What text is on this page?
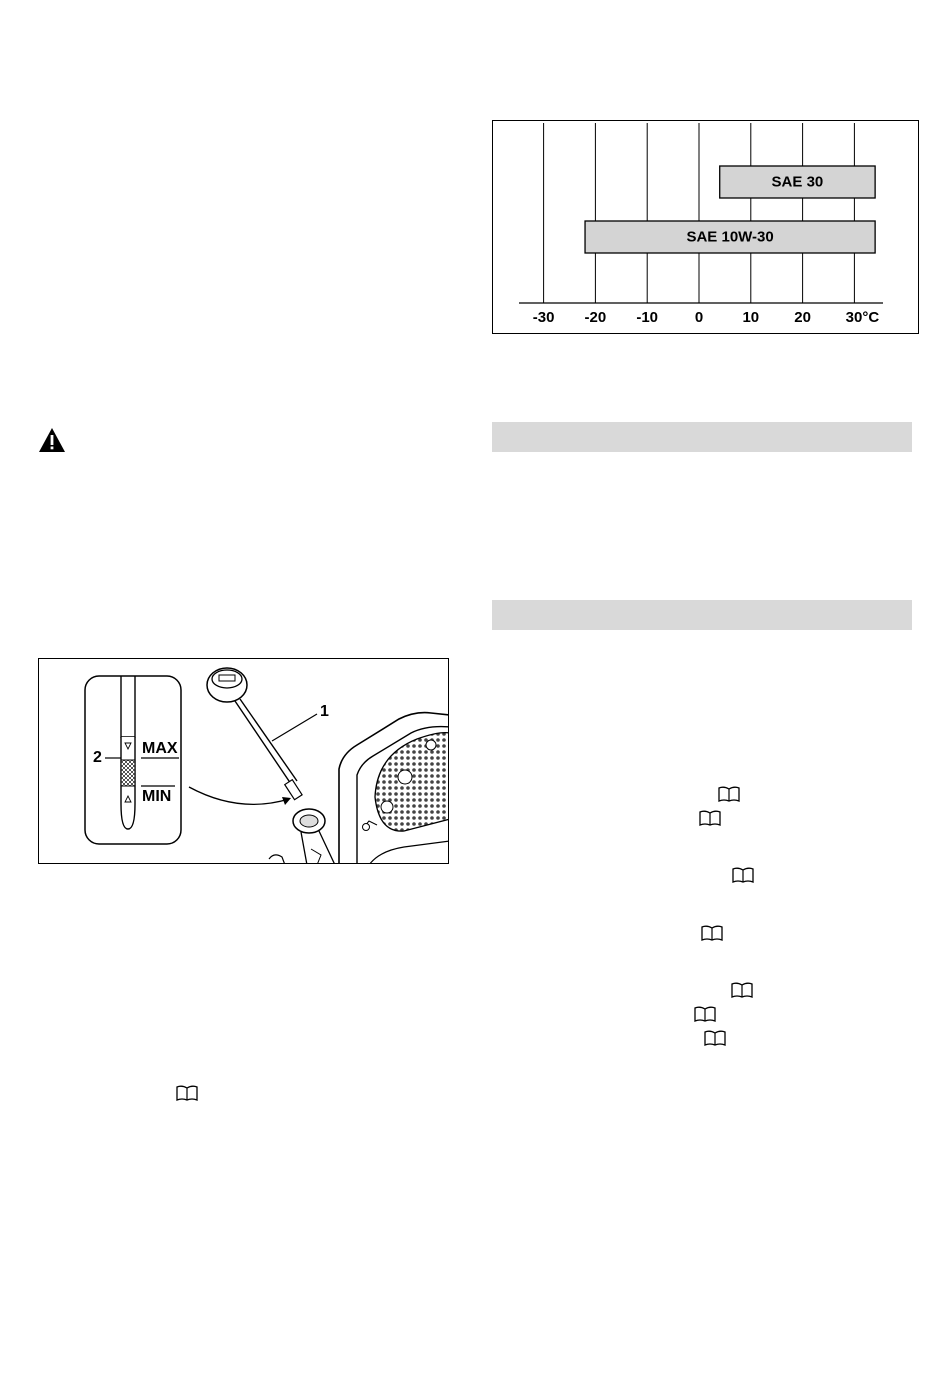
1
2
MAX
MIN
-30 -20 -10 0	10 20 30°C
SAE 30
SAE 10W-30
